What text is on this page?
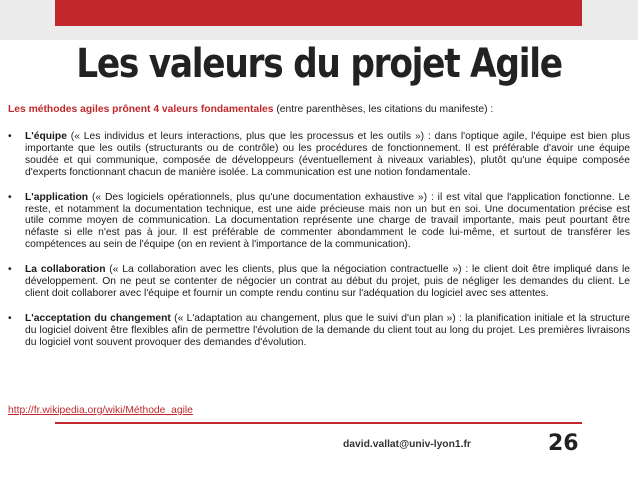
Les valeurs du projet Agile
Les méthodes agiles prônent 4 valeurs fondamentales (entre parenthèses, les citations du manifeste) :
• L'équipe (« Les individus et leurs interactions, plus que les processus et les outils ») : dans l'optique agile, l'équipe est bien plus importante que les outils (structurants ou de contrôle) ou les procédures de fonctionnement. Il est préférable d'avoir une équipe soudée et qui communique, composée de développeurs (éventuellement à niveaux variables), plutôt qu'une équipe composée d'experts fonctionnant chacun de manière isolée. La communication est une notion fondamentale.
• L'application (« Des logiciels opérationnels, plus qu'une documentation exhaustive ») : il est vital que l'application fonctionne. Le reste, et notamment la documentation technique, est une aide précieuse mais non un but en soi. Une documentation précise est utile comme moyen de communication. La documentation représente une charge de travail importante, mais peut pourtant être néfaste si elle n'est pas à jour. Il est préférable de commenter abondamment le code lui-même, et surtout de transférer les compétences au sein de l'équipe (on en revient à l'importance de la communication).
• La collaboration (« La collaboration avec les clients, plus que la négociation contractuelle ») : le client doit être impliqué dans le développement. On ne peut se contenter de négocier un contrat au début du projet, puis de négliger les demandes du client. Le client doit collaborer avec l'équipe et fournir un compte rendu continu sur l'adéquation du logiciel avec ses attentes.
• L'acceptation du changement (« L'adaptation au changement, plus que le suivi d'un plan ») : la planification initiale et la structure du logiciel doivent être flexibles afin de permettre l'évolution de la demande du client tout au long du projet. Les premières livraisons du logiciel vont souvent provoquer des demandes d'évolution.
http://fr.wikipedia.org/wiki/Méthode_agile
david.vallat@univ-lyon1.fr	26
